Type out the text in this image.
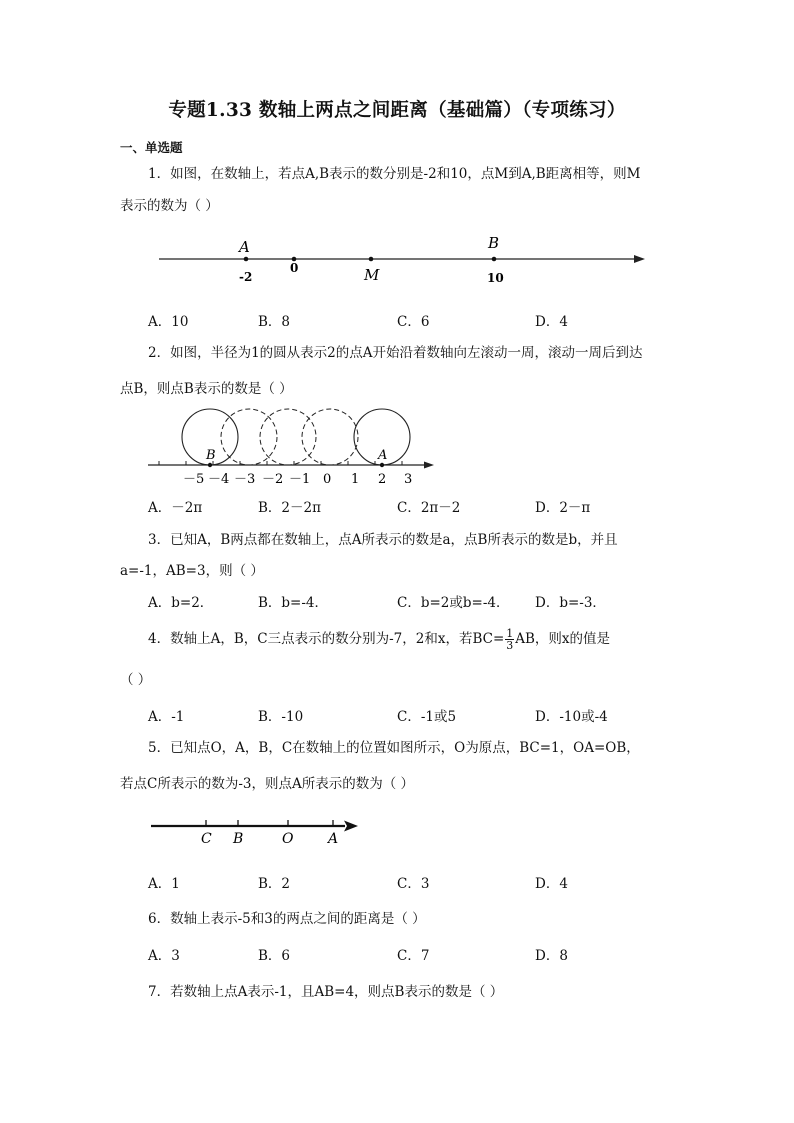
专题1.33 数轴上两点之间距离（基础篇）（专项练习）
一、单选题
1．如图，在数轴上，若点A,B表示的数分别是-2和10，点M到A,B距离相等，则M
表示的数为（ ）
A	B
M
-2
0
10
A．10	B．8	C．6	D．4
2．如图，半径为1的圆从表示2的点A开始沿着数轴向左滚动一周，滚动一周后到达
点B，则点B表示的数是（ ）
B	A
－5 －4 －3 －2 －1 0 1 2 3
A．－2π	B．2－2π	C．2π－2	D．2－π
3．已知A，B两点都在数轴上，点A所表示的数是a，点B所表示的数是b，并且
a=-1，AB=3，则（ ）
A．b=2．	B．b=-4．	C．b=2或b=-4． D．b=-3．
4．数轴上A，B，C三点表示的数分别为-7，2和x，若$BC= \frac{1}{3}$ AB，则x的值是
（ ）
A．-1	B．-10	C．-1或5	D．-10或-4
5．已知点O，A，B，C在数轴上的位置如图所示，O为原点，BC=1，OA=OB，
若点C所表示的数为-3，则点A所表示的数为（ ）
C B	O A
A．1	B．2	C．3	D．4
6．数轴上表示-5和3的两点之间的距离是（ ）
A．3	B．6	C．7	D．8
7．若数轴上点A表示-1，且AB=4，则点B表示的数是（ ）
